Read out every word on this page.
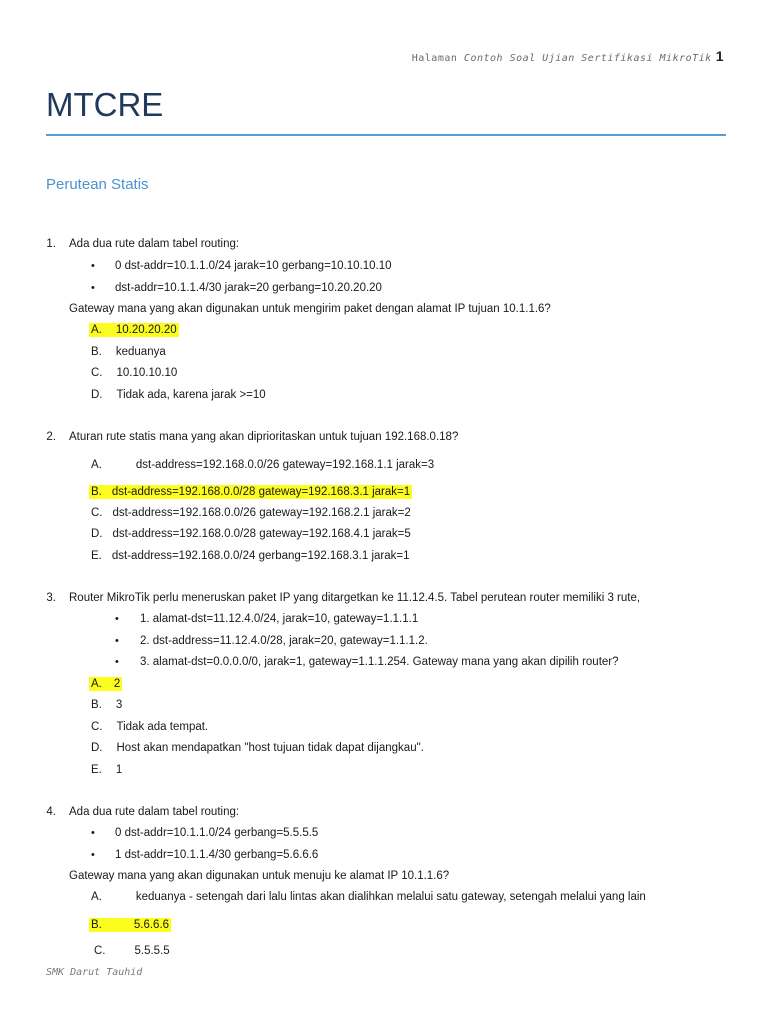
Halaman Contoh Soal Ujian Sertifikasi MikroTik 1
MTCRE
Perutean Statis
1. Ada dua rute dalam tabel routing:
• 0 dst-addr=10.1.1.0/24 jarak=10 gerbang=10.10.10.10
• dst-addr=10.1.1.4/30 jarak=20 gerbang=10.20.20.20
Gateway mana yang akan digunakan untuk mengirim paket dengan alamat IP tujuan 10.1.1.6?
A. 10.20.20.20
B. keduanya
C. 10.10.10.10
D. Tidak ada, karena jarak >=10
2. Aturan rute statis mana yang akan diprioritaskan untuk tujuan 192.168.0.18?
A.	dst-address=192.168.0.0/26 gateway=192.168.1.1 jarak=3
B. dst-address=192.168.0.0/28 gateway=192.168.3.1 jarak=1
C. dst-address=192.168.0.0/26 gateway=192.168.2.1 jarak=2
D. dst-address=192.168.0.0/28 gateway=192.168.4.1 jarak=5
E. dst-address=192.168.0.0/24 gerbang=192.168.3.1 jarak=1
3. Router MikroTik perlu meneruskan paket IP yang ditargetkan ke 11.12.4.5. Tabel perutean router memiliki 3 rute,
• 1. alamat-dst=11.12.4.0/24, jarak=10, gateway=1.1.1.1
• 2. dst-address=11.12.4.0/28, jarak=20, gateway=1.1.1.2.
• 3. alamat-dst=0.0.0.0/0, jarak=1, gateway=1.1.1.254. Gateway mana yang akan dipilih router?
A. 2
B. 3
C. Tidak ada tempat.
D. Host akan mendapatkan "host tujuan tidak dapat dijangkau".
E. 1
4. Ada dua rute dalam tabel routing:
• 0 dst-addr=10.1.1.0/24 gerbang=5.5.5.5
• 1 dst-addr=10.1.1.4/30 gerbang=5.6.6.6
Gateway mana yang akan digunakan untuk menuju ke alamat IP 10.1.1.6?
A.	keduanya - setengah dari lalu lintas akan dialihkan melalui satu gateway, setengah melalui yang lain
B.	5.6.6.6
C.	5.5.5.5
SMK Darut Tauhid
